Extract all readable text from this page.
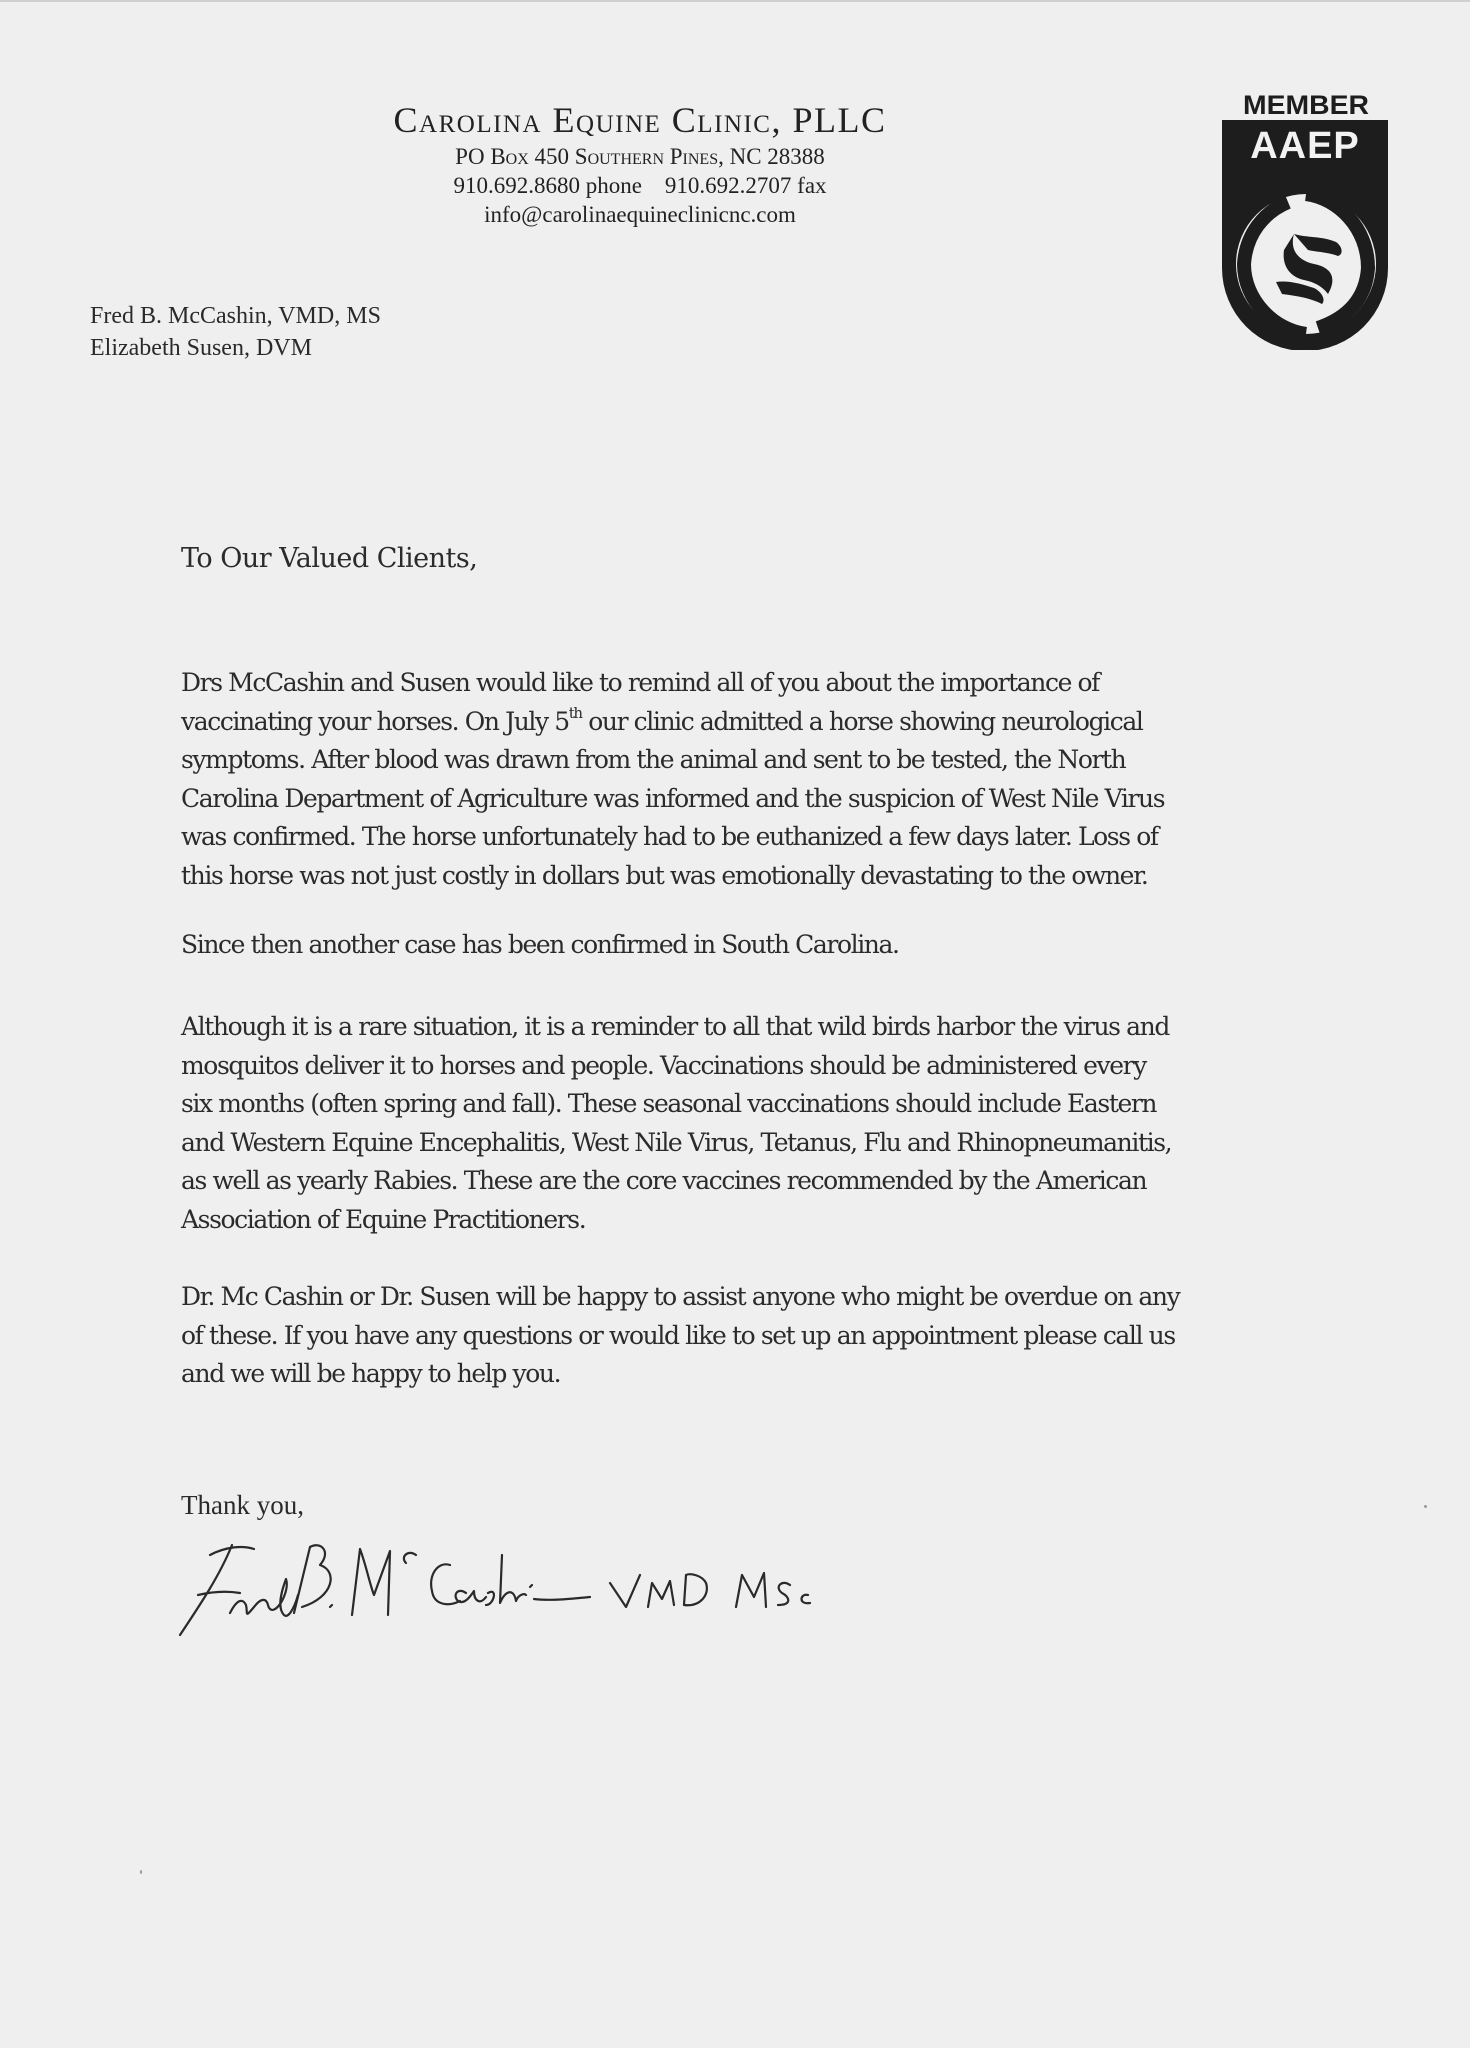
Carolina Equine Clinic, PLLC
PO Box 450 Southern Pines, NC 28388
910.692.8680 phone    910.692.2707 fax
info@carolinaequineclinicnc.com
MEMBER
AAEP
Fred B. McCashin, VMD, MS
Elizabeth Susen, DVM
To Our Valued Clients,
Drs McCashin and Susen would like to remind all of you about the importance of
vaccinating your horses. On July 5th our clinic admitted a horse showing neurological
symptoms. After blood was drawn from the animal and sent to be tested, the North
Carolina Department of Agriculture was informed and the suspicion of West Nile Virus
was confirmed. The horse unfortunately had to be euthanized a few days later. Loss of
this horse was not just costly in dollars but was emotionally devastating to the owner.
Since then another case has been confirmed in South Carolina.
Although it is a rare situation, it is a reminder to all that wild birds harbor the virus and
mosquitos deliver it to horses and people. Vaccinations should be administered every
six months (often spring and fall). These seasonal vaccinations should include Eastern
and Western Equine Encephalitis, West Nile Virus, Tetanus, Flu and Rhinopneumanitis,
as well as yearly Rabies. These are the core vaccines recommended by the American
Association of Equine Practitioners.
Dr. Mc Cashin or Dr. Susen will be happy to assist anyone who might be overdue on any
of these. If you have any questions or would like to set up an appointment please call us
and we will be happy to help you.
Thank you,
